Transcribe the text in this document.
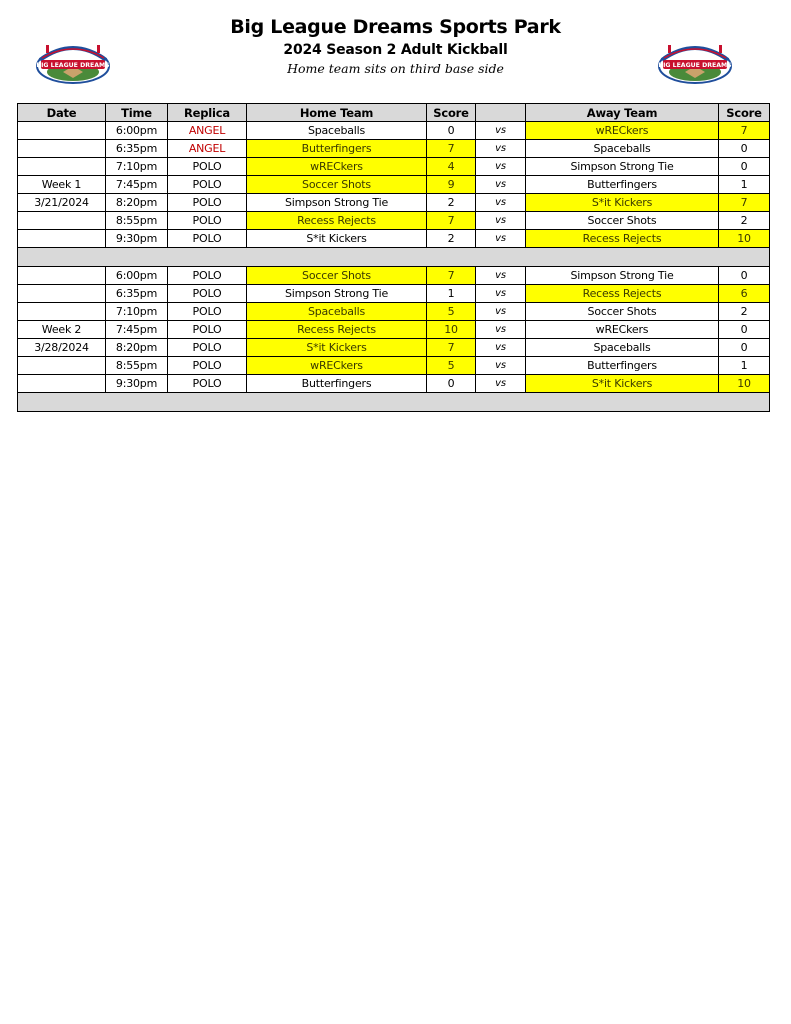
BIG LEAGUE DREAMS	BIG LEAGUE DREAMS
Big League Dreams Sports Park
2024 Season 2 Adult Kickball
Home team sits on third base side
Date	Time	Replica	Home Team	Score		Away Team	Score
	6:00pm	ANGEL	Spaceballs	0	vs	wRECkers	7
	6:35pm	ANGEL	Butterfingers	7	vs	Spaceballs	0
	7:10pm	POLO	wRECkers	4	vs	Simpson Strong Tie	0
Week 1	7:45pm	POLO	Soccer Shots	9	vs	Butterfingers	1
3/21/2024	8:20pm	POLO	Simpson Strong Tie	2	vs	S*it Kickers	7
	8:55pm	POLO	Recess Rejects	7	vs	Soccer Shots	2
	9:30pm	POLO	S*it Kickers	2	vs	Recess Rejects	10

	6:00pm	POLO	Soccer Shots	7	vs	Simpson Strong Tie	0
	6:35pm	POLO	Simpson Strong Tie	1	vs	Recess Rejects	6
	7:10pm	POLO	Spaceballs	5	vs	Soccer Shots	2
Week 2	7:45pm	POLO	Recess Rejects	10	vs	wRECkers	0
3/28/2024	8:20pm	POLO	S*it Kickers	7	vs	Spaceballs	0
	8:55pm	POLO	wRECkers	5	vs	Butterfingers	1
	9:30pm	POLO	Butterfingers	0	vs	S*it Kickers	10
